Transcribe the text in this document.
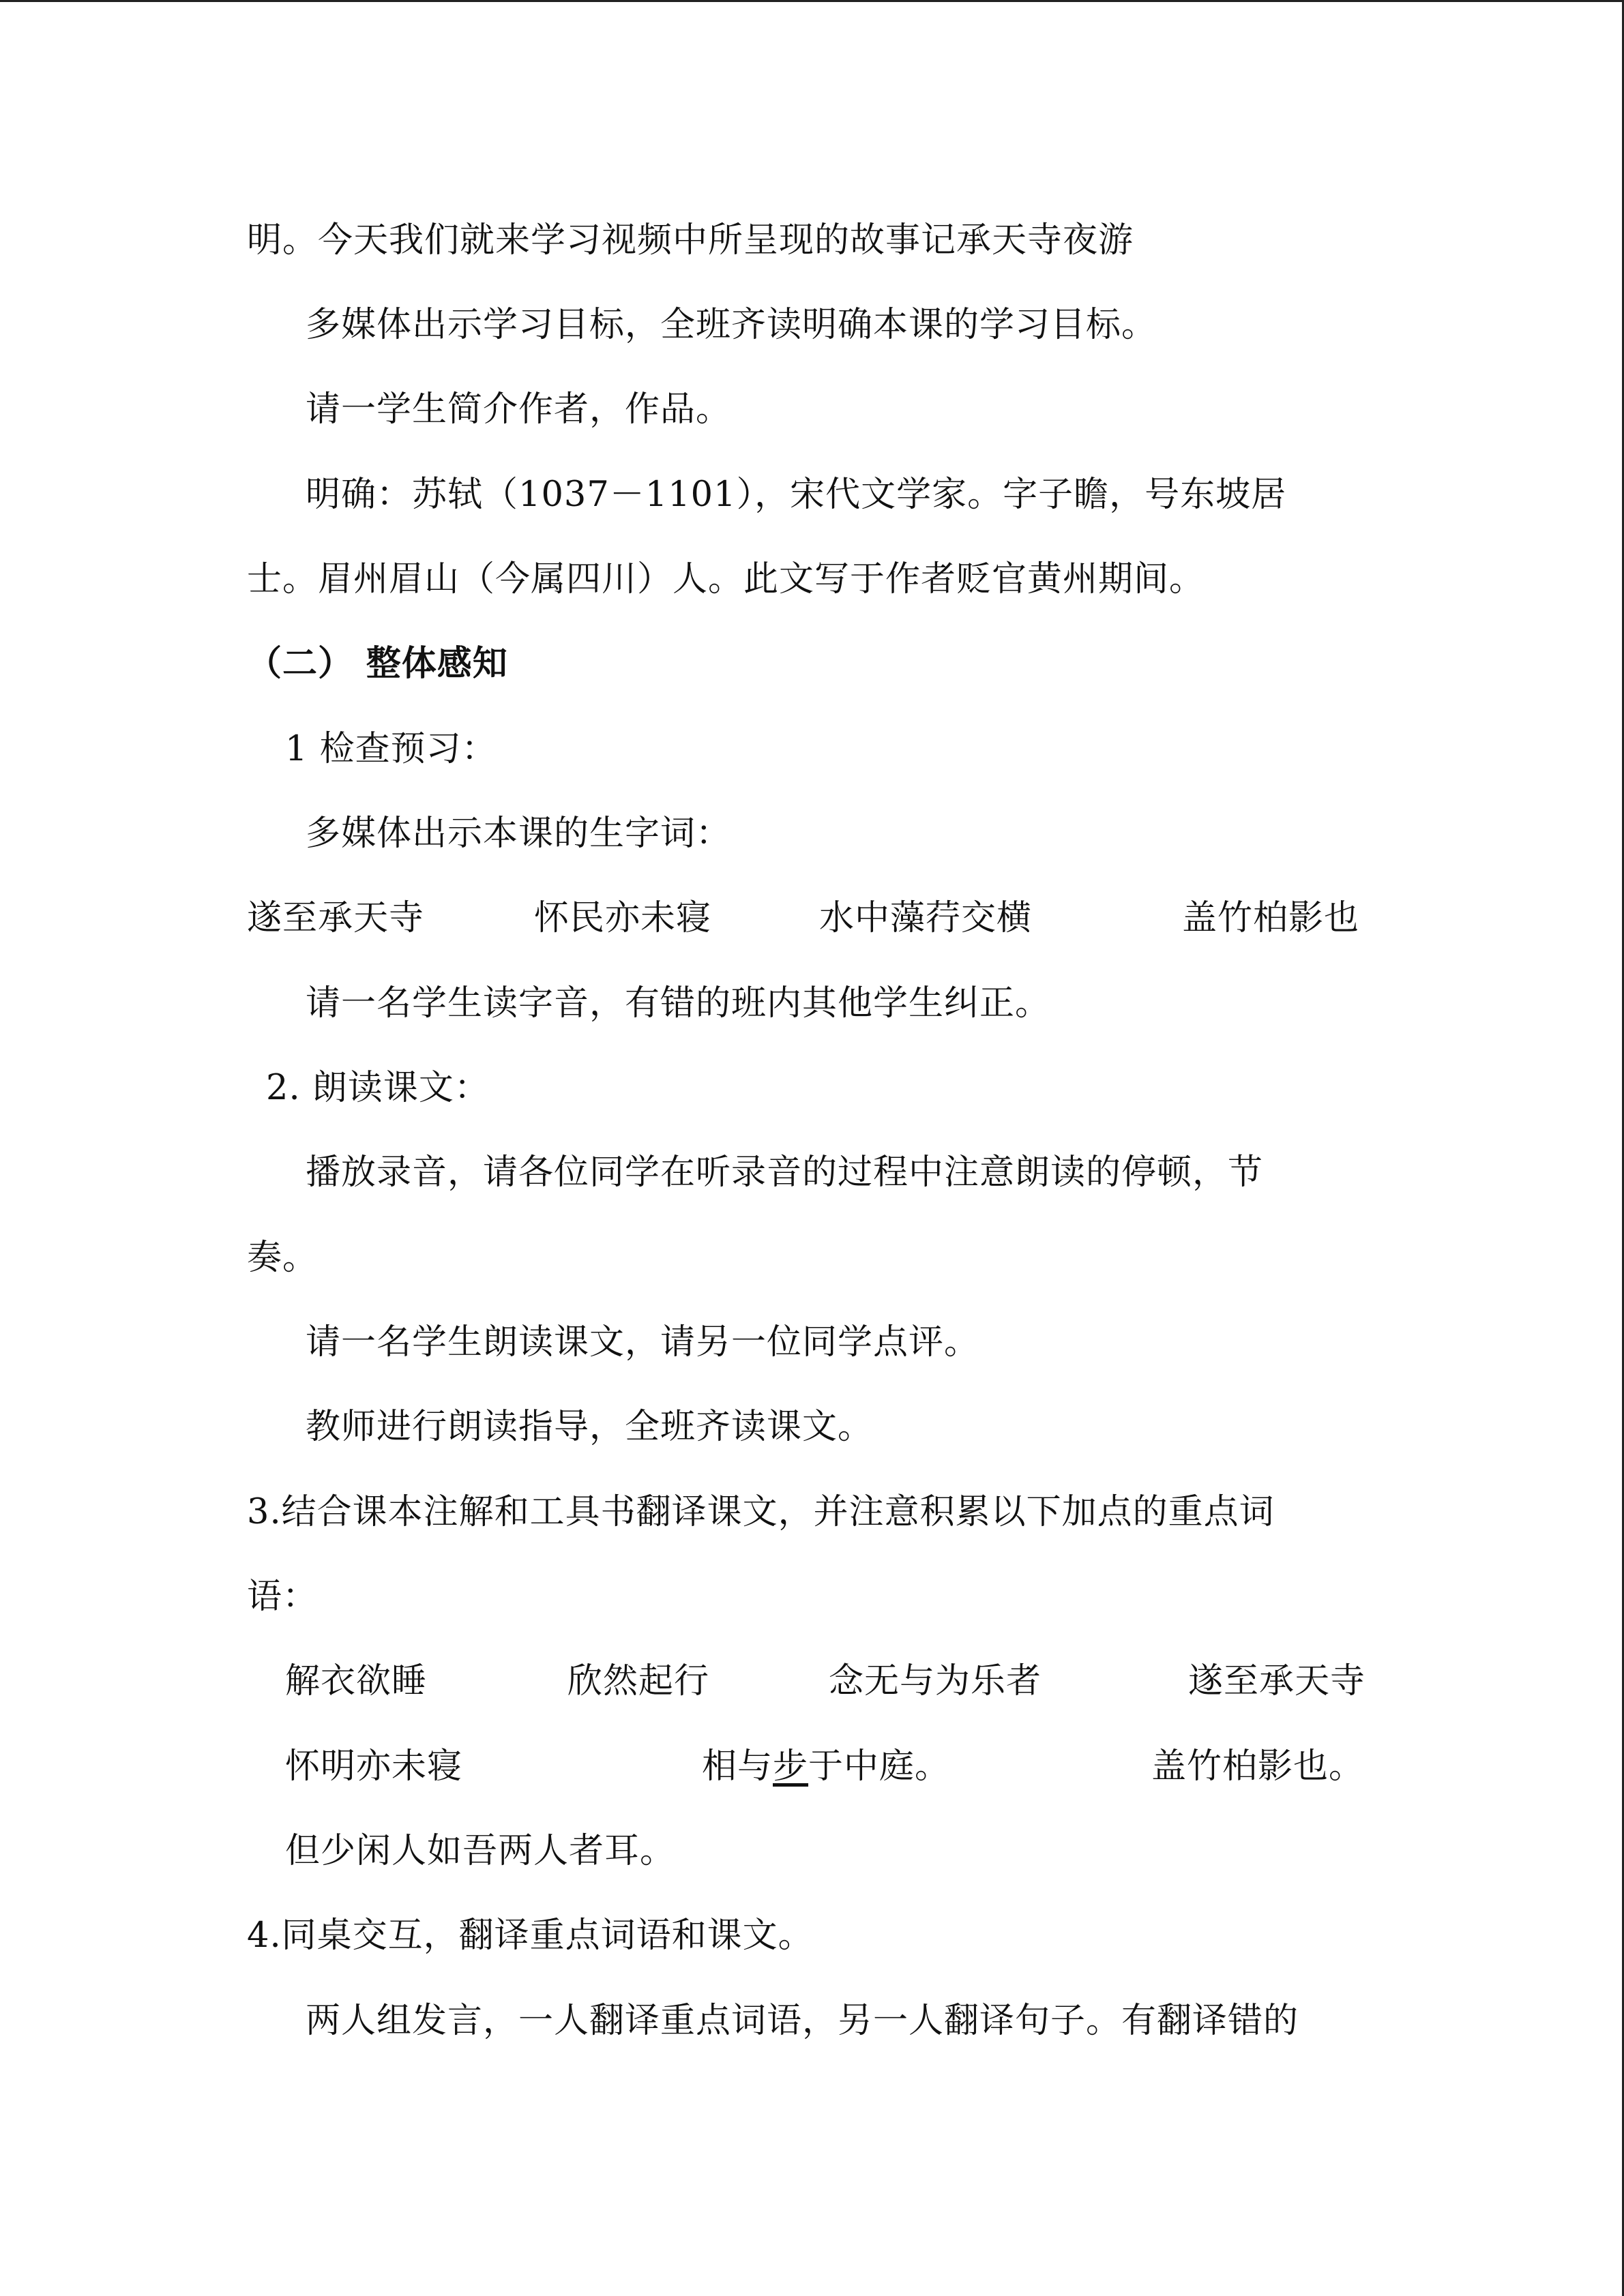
明。今天我们就来学习视频中所呈现的故事记承天寺夜游
多媒体出示学习目标，全班齐读明确本课的学习目标。
请一学生简介作者，作品。
明确：苏轼（1037－1101），宋代文学家。字子瞻，号东坡居
士。眉州眉山（今属四川）人。此文写于作者贬官黄州期间。
（二） 整体感知
1 检查预习：
多媒体出示本课的生字词：
遂至承天寺	怀民亦未寝	水中藻荇交横	盖竹柏影也
请一名学生读字音，有错的班内其他学生纠正。
2. 朗读课文：
播放录音，请各位同学在听录音的过程中注意朗读的停顿，节
奏。
请一名学生朗读课文，请另一位同学点评。
教师进行朗读指导，全班齐读课文。
3.结合课本注解和工具书翻译课文，并注意积累以下加点的重点词
语：
解衣欲睡	欣然起行	念无与为乐者	遂至承天寺
怀明亦未寝	相与步于中庭。	盖竹柏影也。
但少闲人如吾两人者耳。
4.同桌交互，翻译重点词语和课文。
两人组发言，一人翻译重点词语，另一人翻译句子。有翻译错的
